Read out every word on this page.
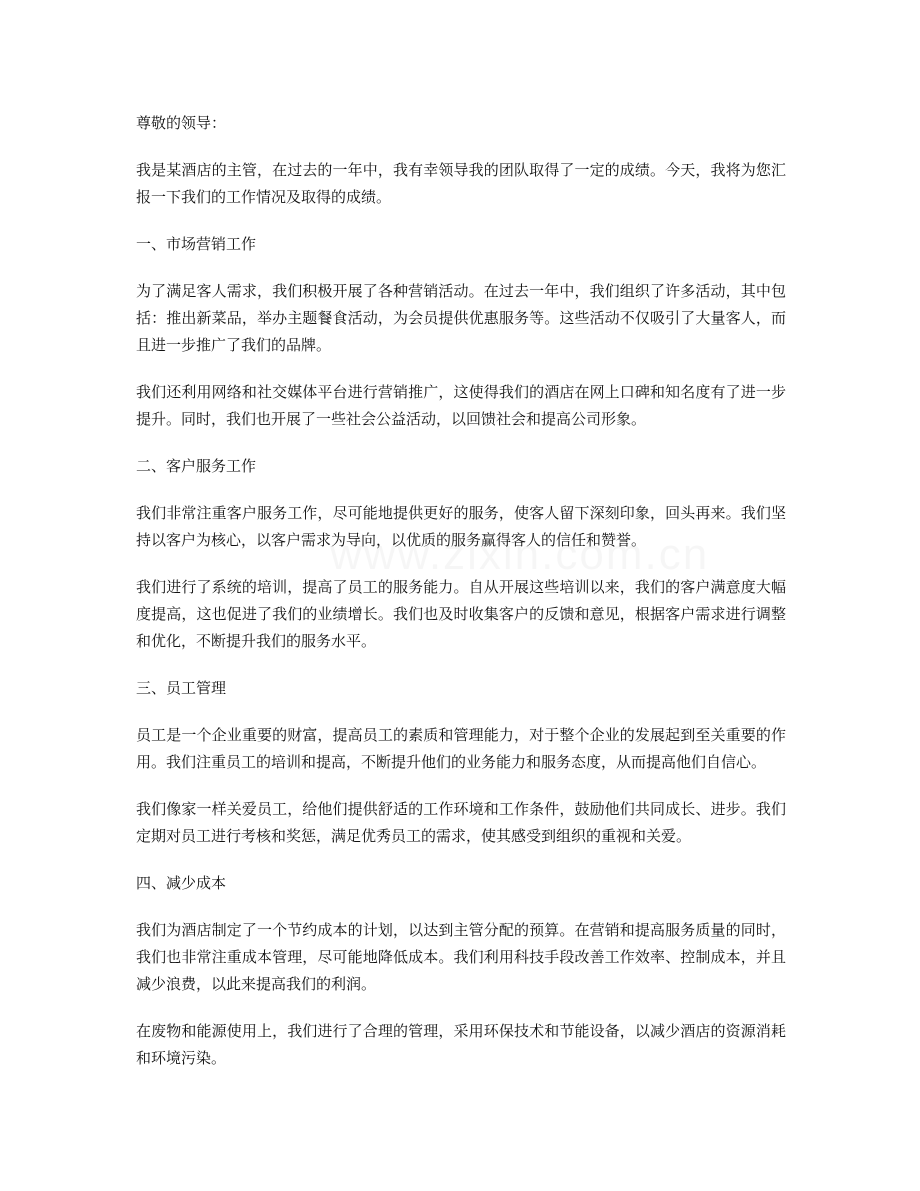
尊敬的领导：

我是某酒店的主管，在过去的一年中，我有幸领导我的团队取得了一定的成绩。今天，我将为您汇报一下我们的工作情况及取得的成绩。

一、市场营销工作

为了满足客人需求，我们积极开展了各种营销活动。在过去一年中，我们组织了许多活动，其中包括：推出新菜品，举办主题餐食活动，为会员提供优惠服务等。这些活动不仅吸引了大量客人，而且进一步推广了我们的品牌。

我们还利用网络和社交媒体平台进行营销推广，这使得我们的酒店在网上口碑和知名度有了进一步提升。同时，我们也开展了一些社会公益活动，以回馈社会和提高公司形象。

二、客户服务工作

我们非常注重客户服务工作，尽可能地提供更好的服务，使客人留下深刻印象，回头再来。我们坚持以客户为核心，以客户需求为导向，以优质的服务赢得客人的信任和赞誉。

我们进行了系统的培训，提高了员工的服务能力。自从开展这些培训以来，我们的客户满意度大幅度提高，这也促进了我们的业绩增长。我们也及时收集客户的反馈和意见，根据客户需求进行调整和优化，不断提升我们的服务水平。

三、员工管理

员工是一个企业重要的财富，提高员工的素质和管理能力，对于整个企业的发展起到至关重要的作用。我们注重员工的培训和提高，不断提升他们的业务能力和服务态度，从而提高他们自信心。

我们像家一样关爱员工，给他们提供舒适的工作环境和工作条件，鼓励他们共同成长、进步。我们定期对员工进行考核和奖惩，满足优秀员工的需求，使其感受到组织的重视和关爱。

四、减少成本

我们为酒店制定了一个节约成本的计划，以达到主管分配的预算。在营销和提高服务质量的同时，我们也非常注重成本管理，尽可能地降低成本。我们利用科技手段改善工作效率、控制成本，并且减少浪费，以此来提高我们的利润。

在废物和能源使用上，我们进行了合理的管理，采用环保技术和节能设备，以减少酒店的资源消耗和环境污染。
